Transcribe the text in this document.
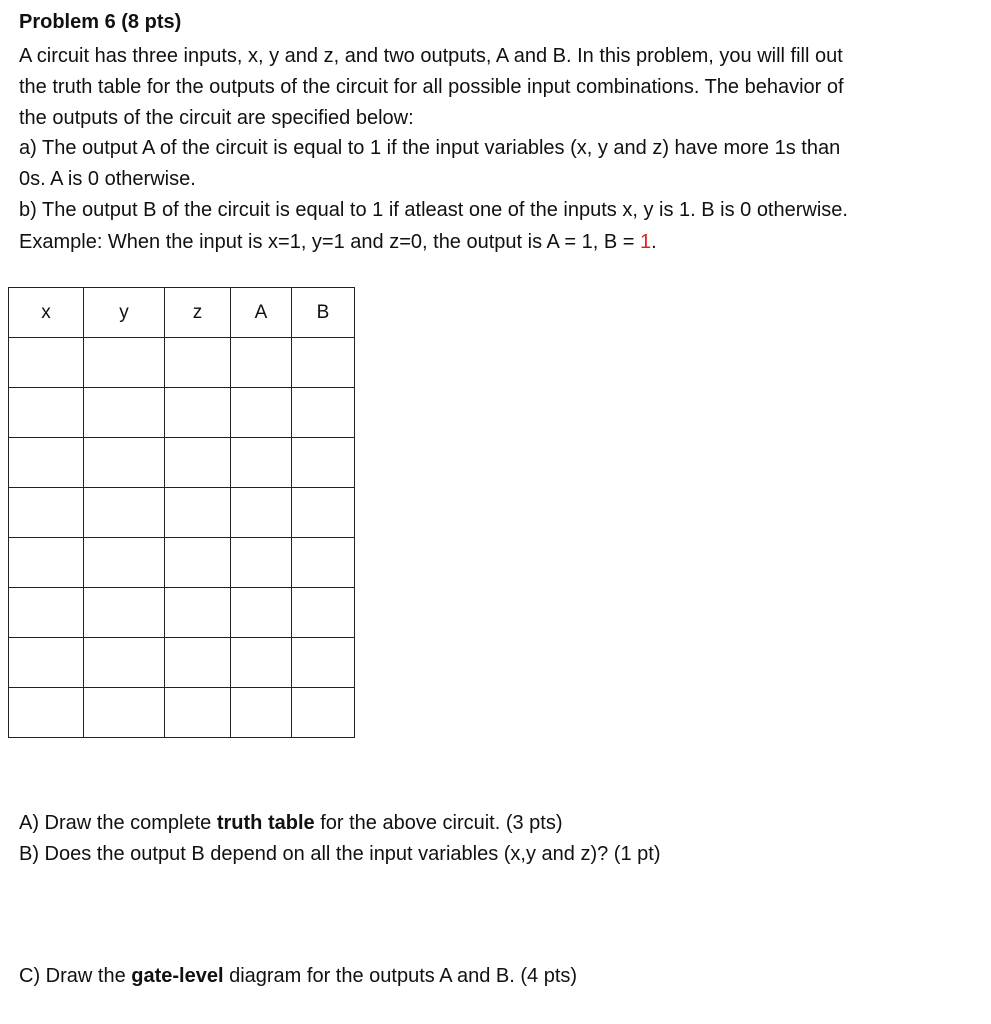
Problem 6 (8 pts)
A circuit has three inputs, x, y and z, and two outputs, A and B. In this problem, you will fill out
the truth table for the outputs of the circuit for all possible input combinations. The behavior of
the outputs of the circuit are specified below:
a) The output A of the circuit is equal to 1 if the input variables (x, y and z) have more 1s than
0s. A is 0 otherwise.
b) The output B of the circuit is equal to 1 if atleast one of the inputs x, y is 1. B is 0 otherwise.
Example: When the input is x=1, y=1 and z=0, the output is A = 1, B = 1.
x	y	z	A	B

A) Draw the complete truth table for the above circuit. (3 pts)
B) Does the output B depend on all the input variables (x,y and z)? (1 pt)
C) Draw the gate-level diagram for the outputs A and B. (4 pts)
